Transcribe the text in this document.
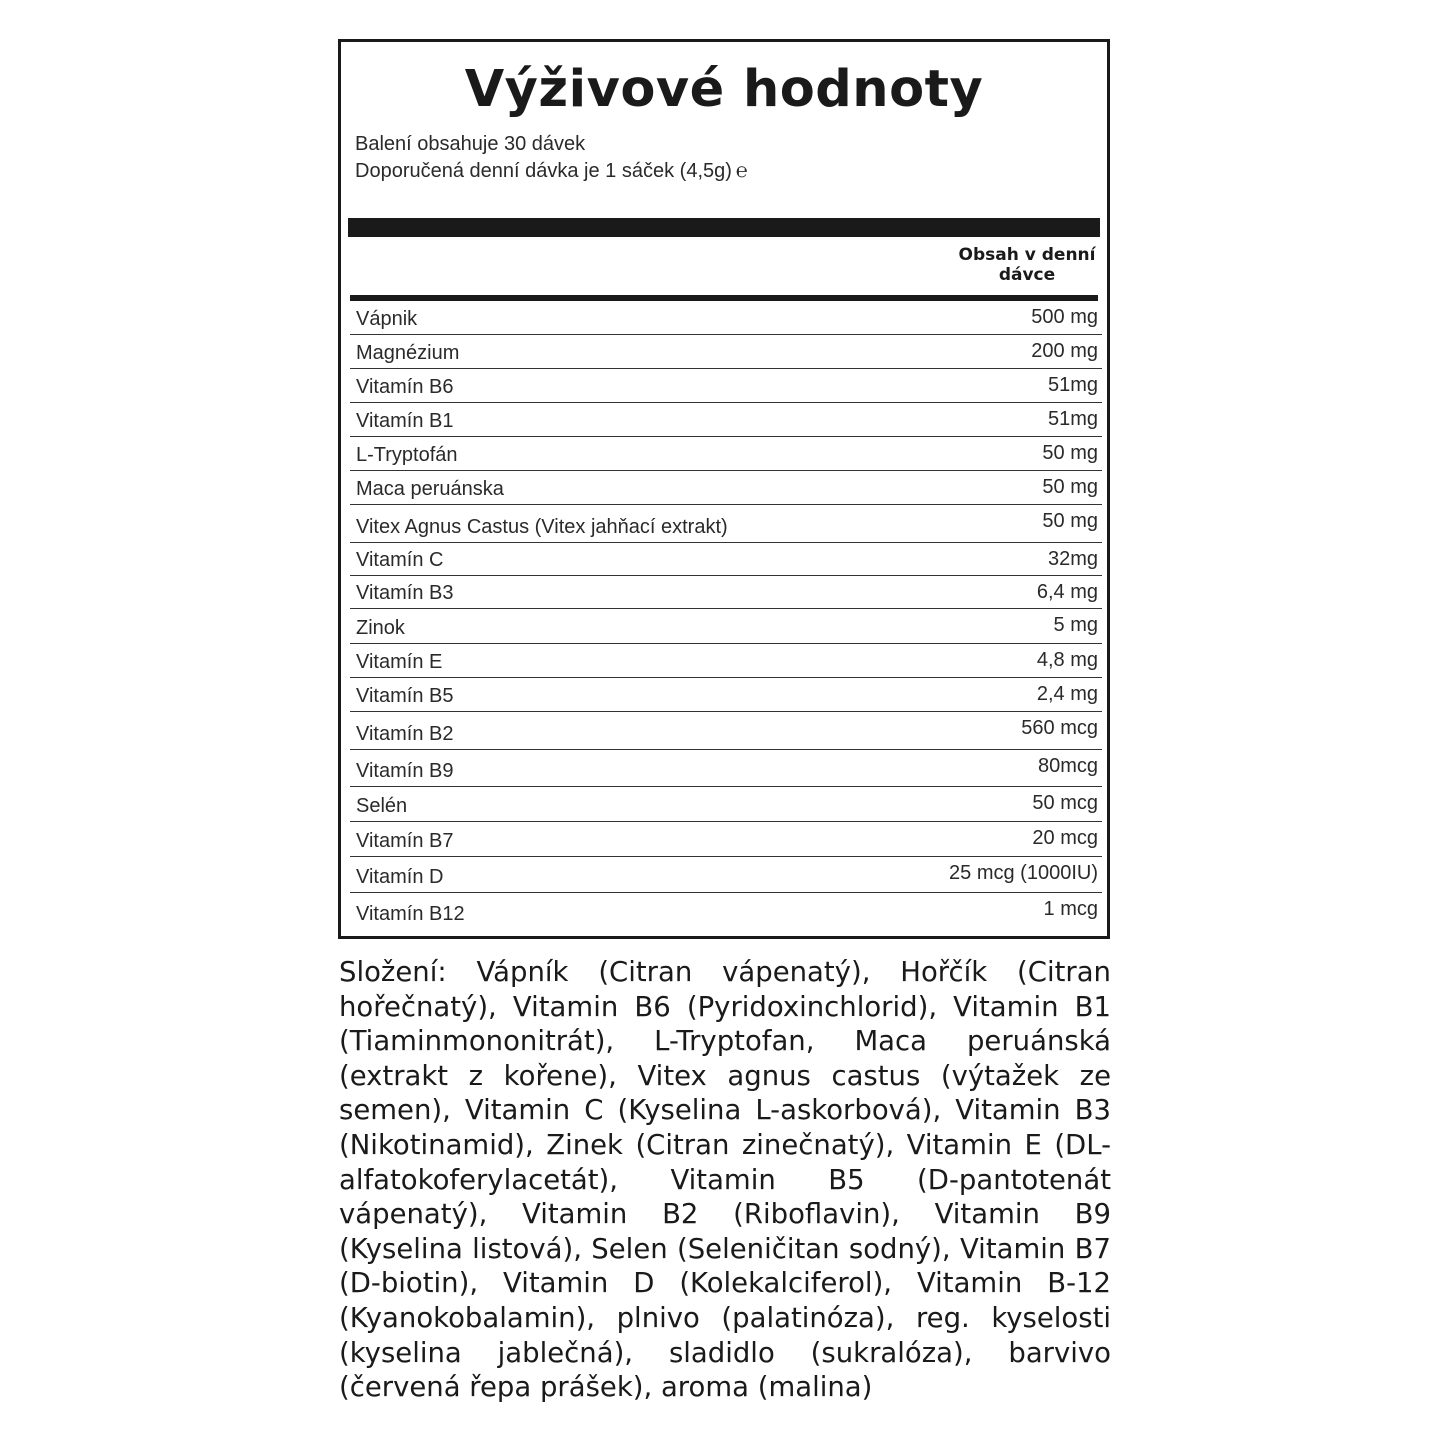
Výživové hodnoty
Balení obsahuje 30 dávek
Doporučená denní dávka je 1 sáček (4,5g) ℮
Obsah v denní dávce
Vápnik	500 mg
Magnézium	200 mg
Vitamín B6	51mg
Vitamín B1	51mg
L-Tryptofán	50 mg
Maca peruánska	50 mg
Vitex Agnus Castus (Vitex jahňací extrakt)	50 mg
Vitamín C	32mg
Vitamín B3	6,4 mg
Zinok	5 mg
Vitamín E	4,8 mg
Vitamín B5	2,4 mg
Vitamín B2	560 mcg
Vitamín B9	80mcg
Selén	50 mcg
Vitamín B7	20 mcg
Vitamín D	25 mcg (1000IU)
Vitamín B12	1 mcg
Složení: Vápník (Citran vápenatý), Hořčík (Citran hořečnatý), Vitamin B6 (Pyridoxinchlorid), Vitamin B1 (Tiaminmononitrát), L-Tryptofan, Maca peruánská (extrakt z kořene), Vitex agnus castus (výtažek ze semen), Vitamin C (Kyselina L-askorbová), Vitamin B3 (Nikotinamid), Zinek (Citran zinečnatý), Vitamin E (DL-alfatokoferylacetát), Vitamin B5 (D-pantotenát vápenatý), Vitamin B2 (Riboflavin), Vitamin B9 (Kyselina listová), Selen (Seleničitan sodný), Vitamin B7 (D-biotin), Vitamin D (Kolekalciferol), Vitamin B-12 (Kyanokobalamin), plnivo (palatinóza), reg. kyselosti (kyselina jablečná), sladidlo (sukralóza), barvivo (červená řepa prášek), aroma (malina)
